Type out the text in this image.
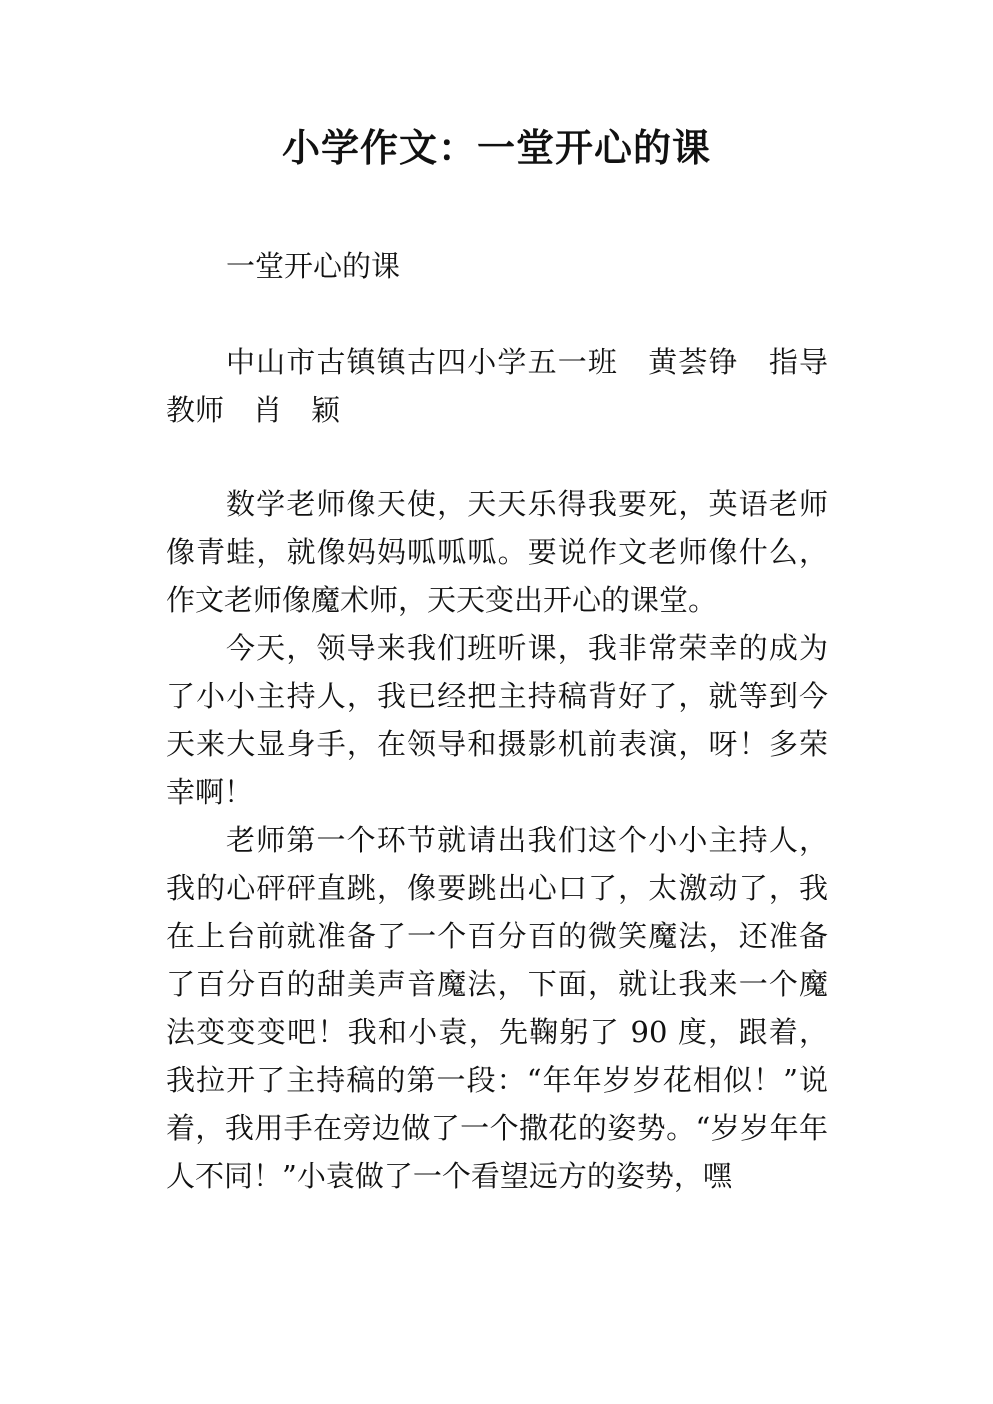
小学作文：一堂开心的课

一堂开心的课

中山市古镇镇古四小学五一班　黄荟铮　指导教师　肖　颖

数学老师像天使，天天乐得我要死，英语老师像青蛙，就像妈妈呱呱呱。要说作文老师像什么，作文老师像魔术师，天天变出开心的课堂。

今天，领导来我们班听课，我非常荣幸的成为了小小主持人，我已经把主持稿背好了，就等到今天来大显身手，在领导和摄影机前表演，呀！多荣幸啊！

老师第一个环节就请出我们这个小小主持人，我的心砰砰直跳，像要跳出心口了，太激动了，我在上台前就准备了一个百分百的微笑魔法，还准备了百分百的甜美声音魔法，下面，就让我来一个魔法变变变吧！我和小袁，先鞠躬了 90 度，跟着，我拉开了主持稿的第一段：“年年岁岁花相似！”说着，我用手在旁边做了一个撒花的姿势。“岁岁年年人不同！”小袁做了一个看望远方的姿势，嘿
